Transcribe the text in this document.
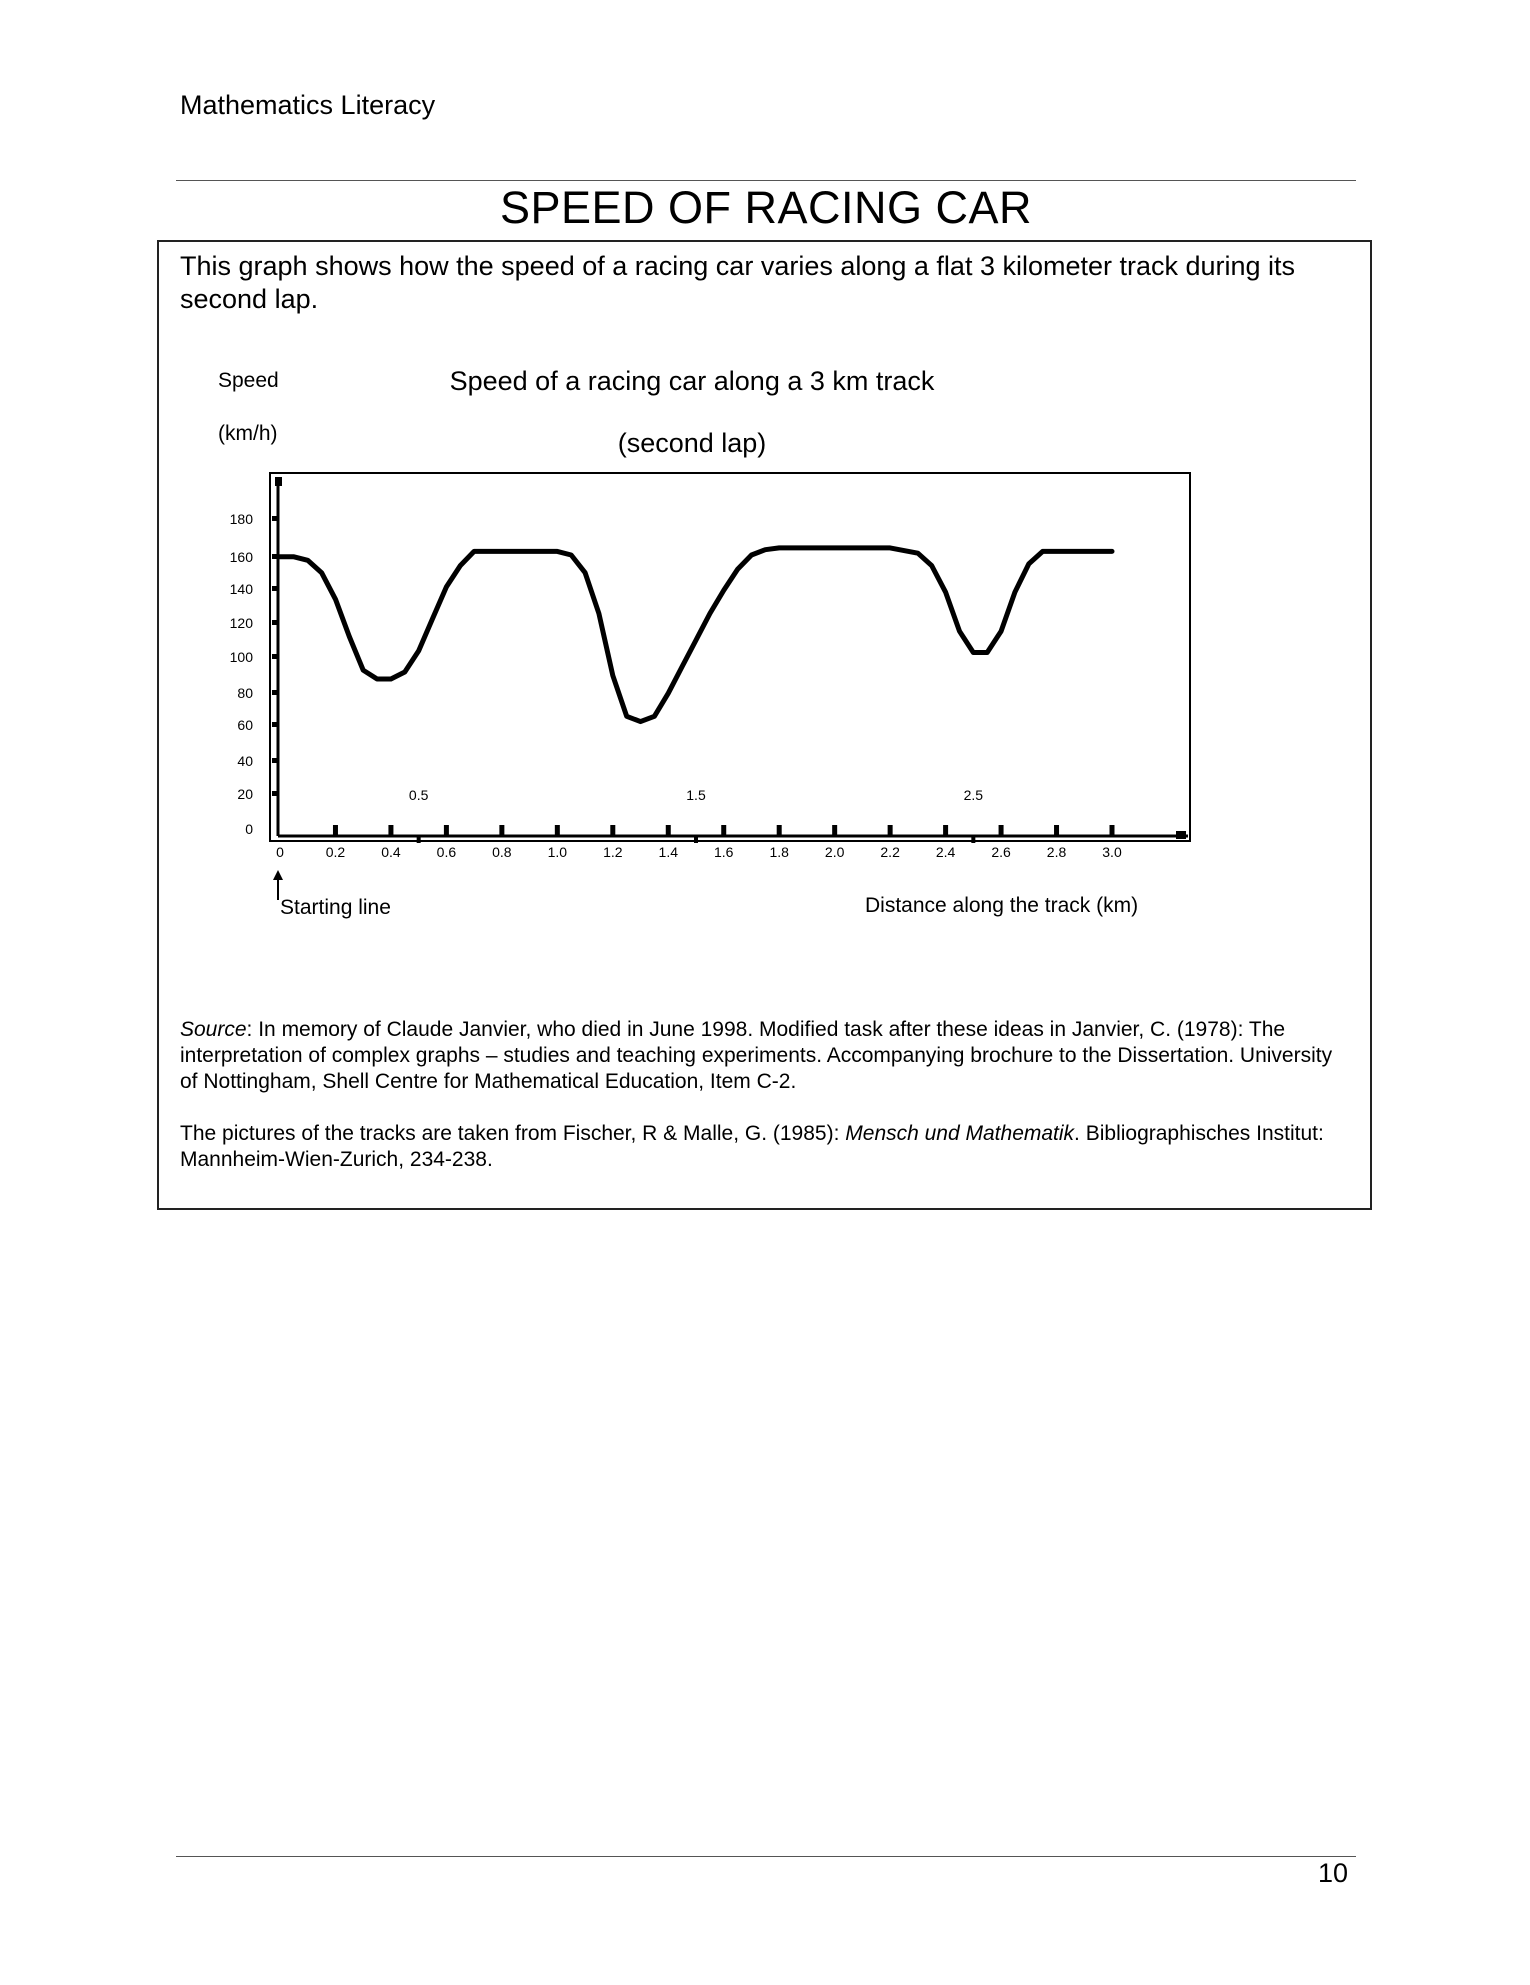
Mathematics Literacy
SPEED OF RACING CAR
This graph shows how the speed of a racing car varies along a flat 3 kilometer track during its second lap.
Speed
(km/h)
Speed of a racing car along a 3 km track
(second lap)
0
20
40
60
80
100
120
140
160
180
0	0.2	0.4	0.6	0.8	1.0	1.2	1.4	1.6	1.8	2.0	2.2	2.4	2.6	2.8	3.0
0.5	1.5	2.5
Starting line	Distance along the track (km)
Source: In memory of Claude Janvier, who died in June 1998. Modified task after these ideas in Janvier, C. (1978): The interpretation of complex graphs – studies and teaching experiments. Accompanying brochure to the Dissertation. University of Nottingham, Shell Centre for Mathematical Education, Item C-2.
The pictures of the tracks are taken from Fischer, R & Malle, G. (1985): Mensch und Mathematik. Bibliographisches Institut: Mannheim-Wien-Zurich, 234-238.
10
